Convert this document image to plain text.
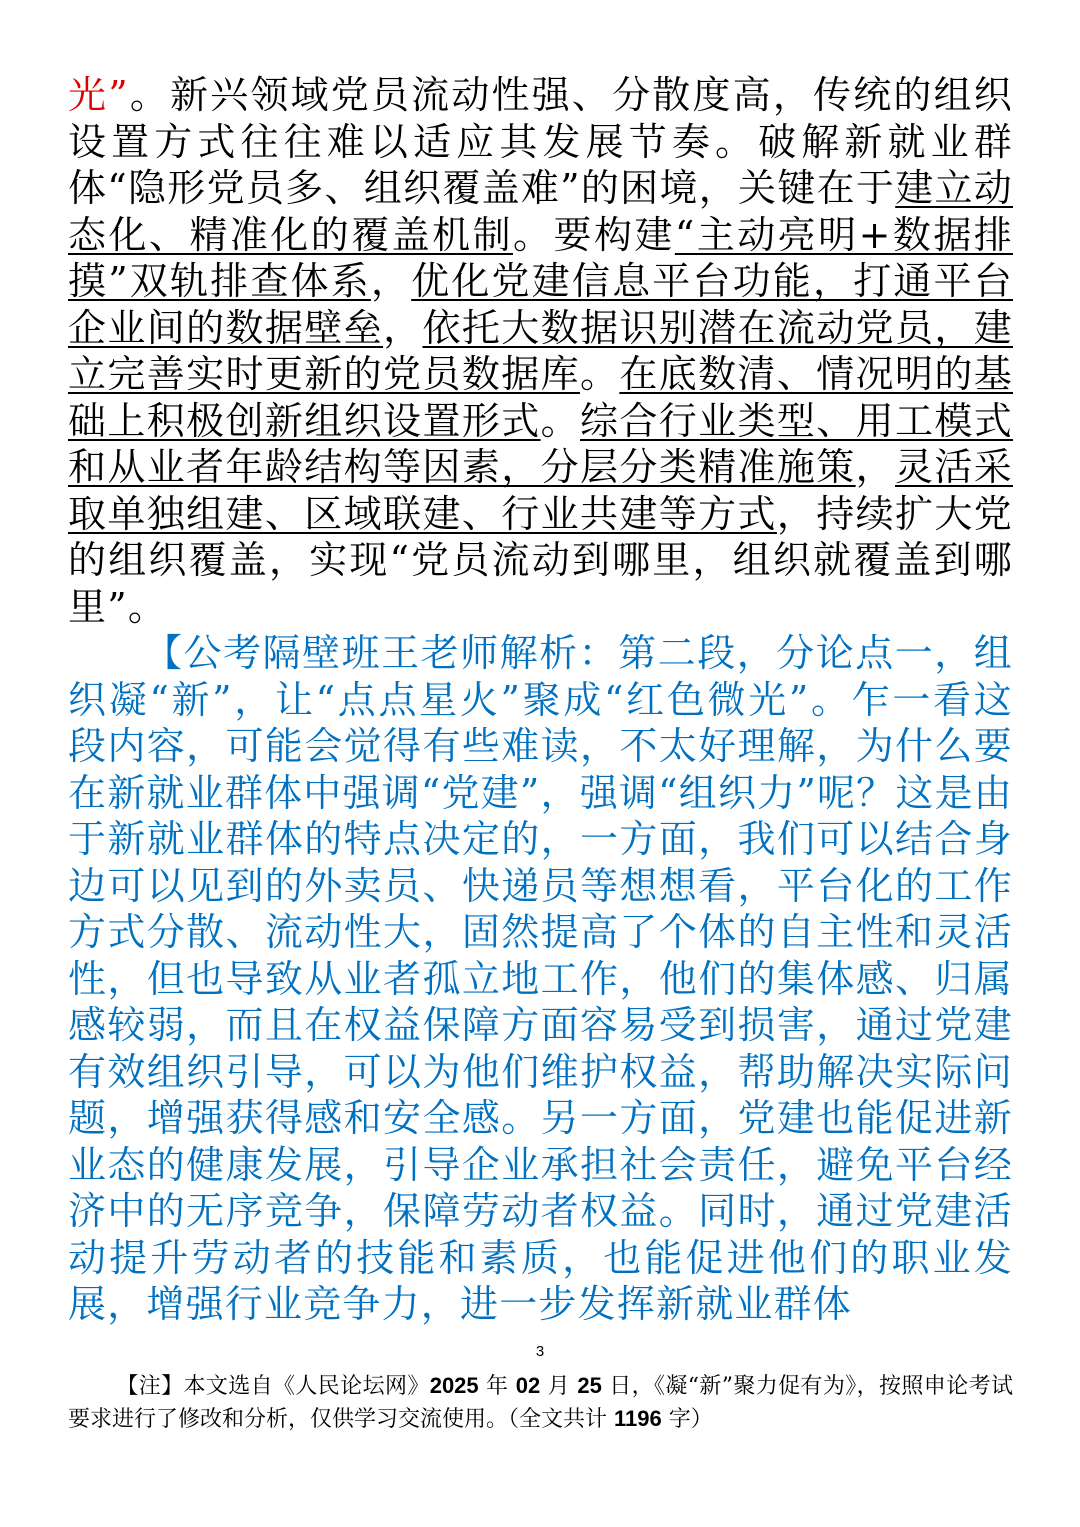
光”。新兴领域党员流动性强、分散度高，传统的组织设置方式往往难以适应其发展节奏。破解新就业群体“隐形党员多、组织覆盖难”的困境，关键在于建立动态化、精准化的覆盖机制。要构建“主动亮明+数据排摸”双轨排查体系，优化党建信息平台功能，打通平台企业间的数据壁垒，依托大数据识别潜在流动党员，建立完善实时更新的党员数据库。在底数清、情况明的基础上积极创新组织设置形式。综合行业类型、用工模式和从业者年龄结构等因素，分层分类精准施策，灵活采取单独组建、区域联建、行业共建等方式，持续扩大党的组织覆盖，实现“党员流动到哪里，组织就覆盖到哪里”。

【公考隔壁班王老师解析：第二段，分论点一，组织凝“新”，让“点点星火”聚成“红色微光”。乍一看这段内容，可能会觉得有些难读，不太好理解，为什么要在新就业群体中强调“党建”，强调“组织力”呢？这是由于新就业群体的特点决定的，一方面，我们可以结合身边可以见到的外卖员、快递员等想想看，平台化的工作方式分散、流动性大，固然提高了个体的自主性和灵活性，但也导致从业者孤立地工作，他们的集体感、归属感较弱，而且在权益保障方面容易受到损害，通过党建有效组织引导，可以为他们维护权益，帮助解决实际问题，增强获得感和安全感。另一方面，党建也能促进新业态的健康发展，引导企业承担社会责任，避免平台经济中的无序竞争，保障劳动者权益。同时，通过党建活动提升劳动者的技能和素质，也能促进他们的职业发展，增强行业竞争力，进一步发挥新就业群体

3
【注】本文选自《人民论坛网》2025 年 02 月 25 日，《凝“新”聚力促有为》，按照申论考试要求进行了修改和分析，仅供学习交流使用。（全文共计 1196 字）
